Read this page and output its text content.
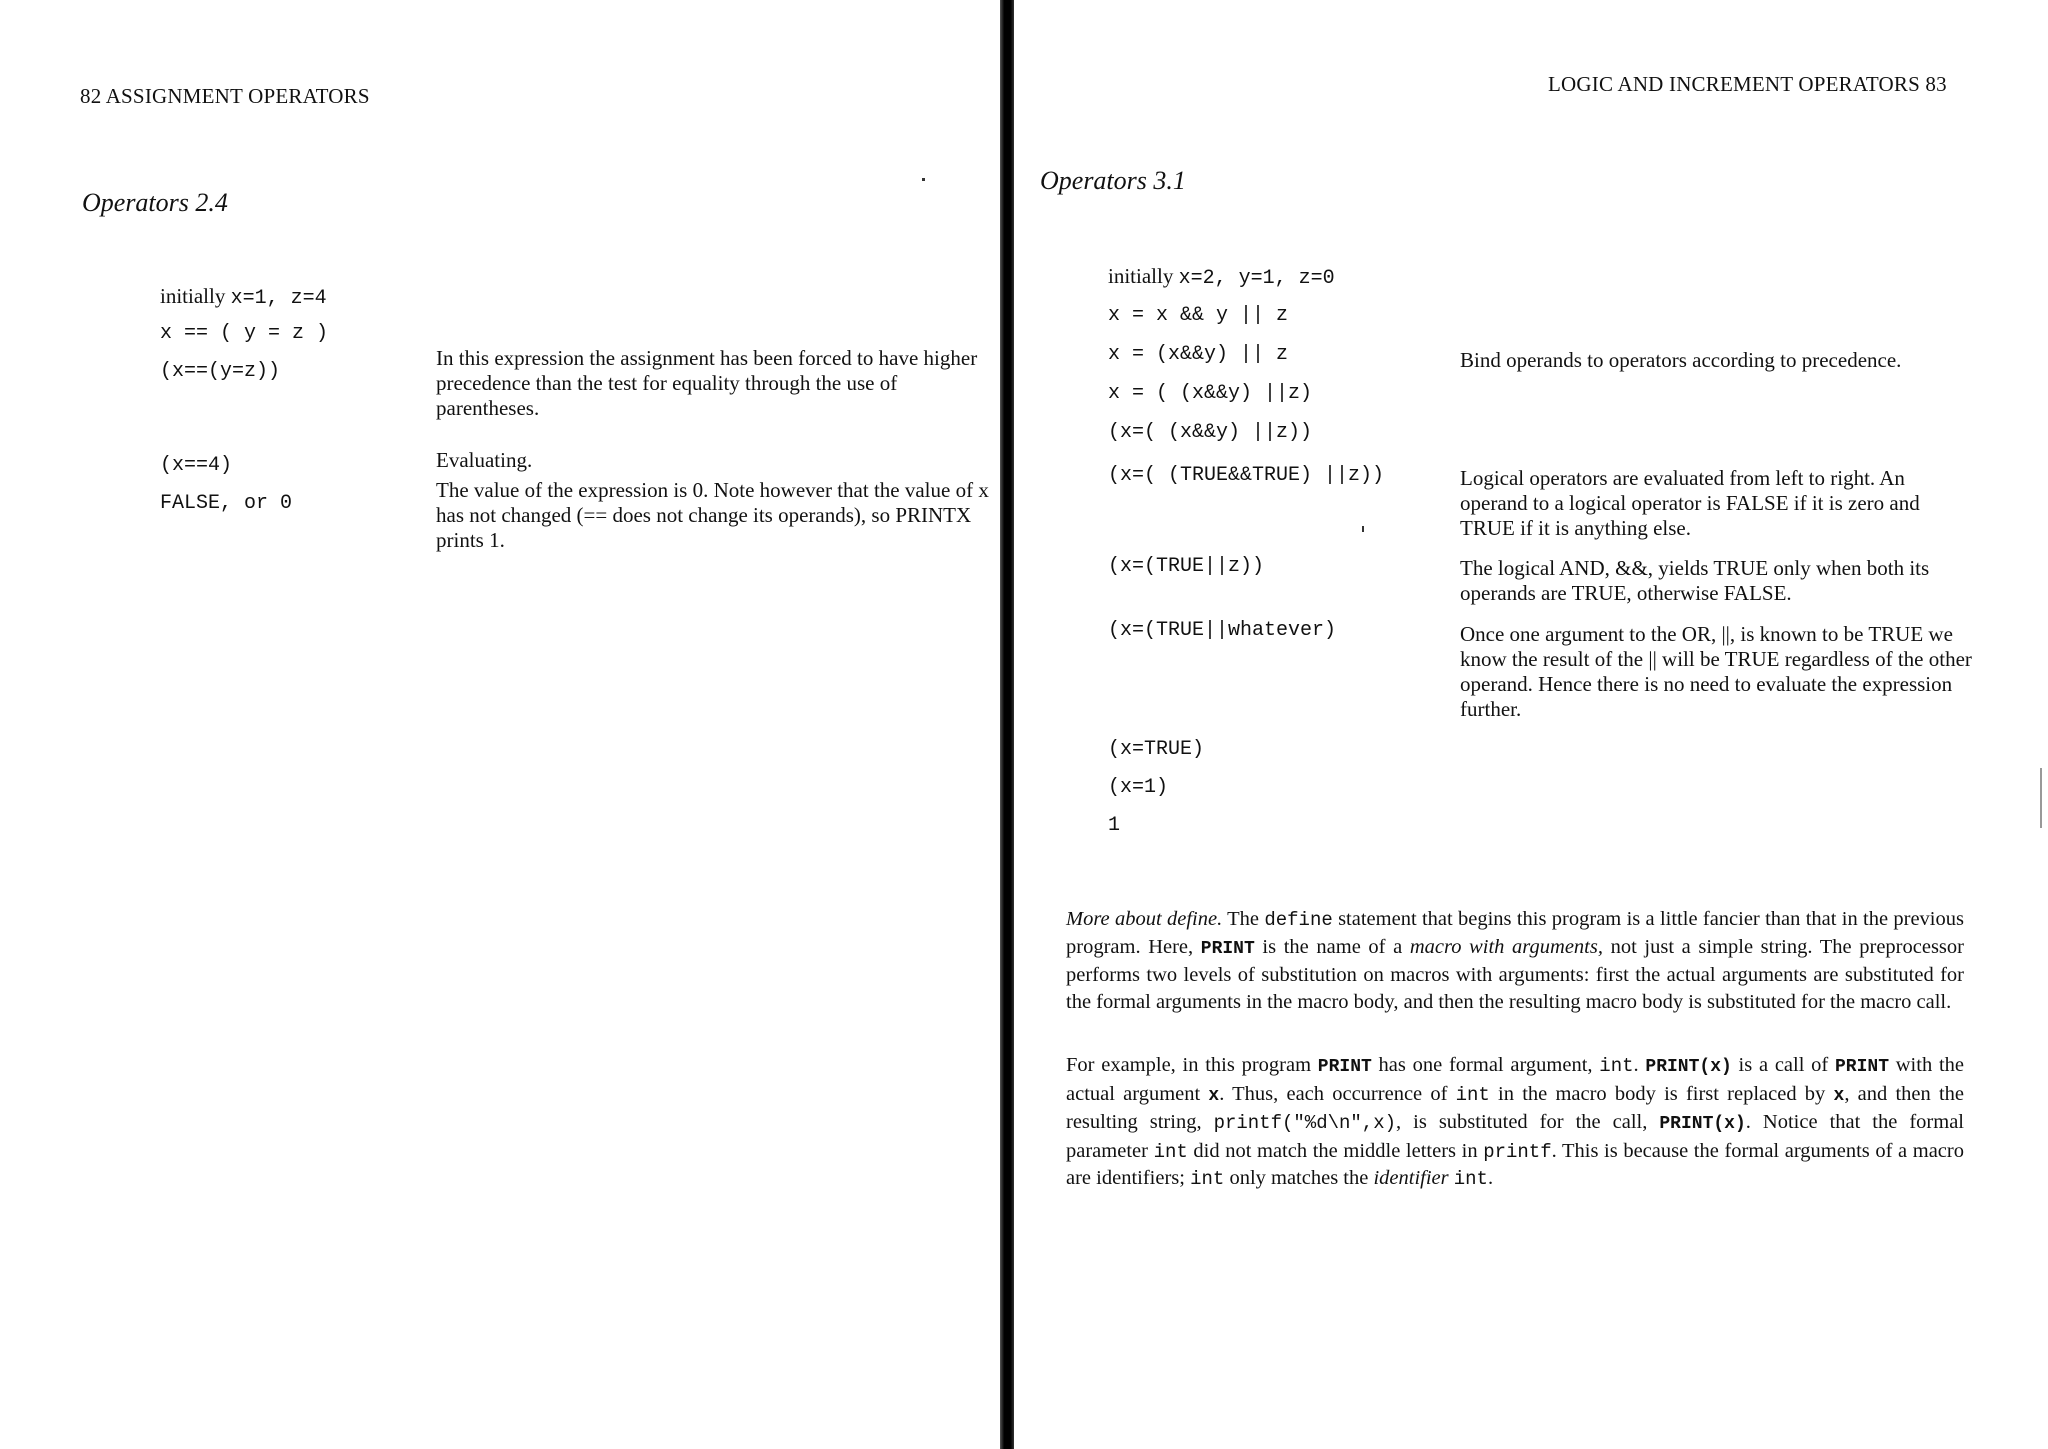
82 ASSIGNMENT OPERATORS
Operators 2.4
initially x=1, z=4
x == ( y = z )
(x==(y=z))
(x==4)
FALSE, or 0
In this expression the assignment has been forced to have higher precedence than the test for equality through the use of parentheses.
Evaluating.
The value of the expression is 0. Note however that the value of x has not changed (== does not change its operands), so PRINTX prints 1.
LOGIC AND INCREMENT OPERATORS 83
Operators 3.1
initially x=2, y=1, z=0
x = x && y || z
x = (x&&y) || z
x = ( (x&&y) ||z)
(x=( (x&&y) ||z))
(x=( (TRUE&&TRUE) ||z))
(x=(TRUE||z))
(x=(TRUE||whatever)
(x=TRUE)
(x=1)
1
Bind operands to operators according to precedence.
Logical operators are evaluated from left to right. An operand to a logical operator is FALSE if it is zero and TRUE if it is anything else.
The logical AND, &&, yields TRUE only when both its operands are TRUE, otherwise FALSE.
Once one argument to the OR, ||, is known to be TRUE we know the result of the || will be TRUE regardless of the other operand. Hence there is no need to evaluate the expression further.
More about define. The define statement that begins this program is a little fancier than that in the previous program. Here, PRINT is the name of a macro with arguments, not just a simple string. The preprocessor performs two levels of substitution on macros with arguments: first the actual arguments are substituted for the formal arguments in the macro body, and then the resulting macro body is substituted for the macro call.
For example, in this program PRINT has one formal argument, int. PRINT(x) is a call of PRINT with the actual argument x. Thus, each occurrence of int in the macro body is first replaced by x, and then the resulting string, printf("%d\n",x), is substituted for the call, PRINT(x). Notice that the formal parameter int did not match the middle letters in printf. This is because the formal arguments of a macro are identifiers; int only matches the identifier int.
